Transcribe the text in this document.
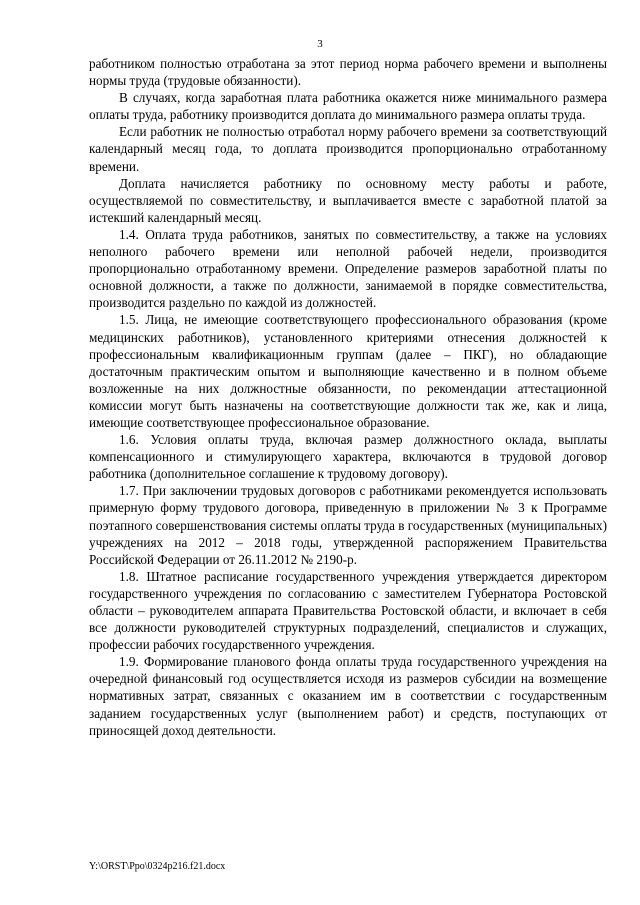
3

работником полностью отработана за этот период норма рабочего времени и выполнены нормы труда (трудовые обязанности).

В случаях, когда заработная плата работника окажется ниже минимального размера оплаты труда, работнику производится доплата до минимального размера оплаты труда.

Если работник не полностью отработал норму рабочего времени за соответствующий календарный месяц года, то доплата производится пропорционально отработанному времени.

Доплата начисляется работнику по основному месту работы и работе, осуществляемой по совместительству, и выплачивается вместе с заработной платой за истекший календарный месяц.

1.4. Оплата труда работников, занятых по совместительству, а также на условиях неполного рабочего времени или неполной рабочей недели, производится пропорционально отработанному времени. Определение размеров заработной платы по основной должности, а также по должности, занимаемой в порядке совместительства, производится раздельно по каждой из должностей.

1.5. Лица, не имеющие соответствующего профессионального образования (кроме медицинских работников), установленного критериями отнесения должностей к профессиональным квалификационным группам (далее – ПКГ), но обладающие достаточным практическим опытом и выполняющие качественно и в полном объеме возложенные на них должностные обязанности, по рекомендации аттестационной комиссии могут быть назначены на соответствующие должности так же, как и лица, имеющие соответствующее профессиональное образование.

1.6. Условия оплаты труда, включая размер должностного оклада, выплаты компенсационного и стимулирующего характера, включаются в трудовой договор работника (дополнительное соглашение к трудовому договору).

1.7. При заключении трудовых договоров с работниками рекомендуется использовать примерную форму трудового договора, приведенную в приложении № 3 к Программе поэтапного совершенствования системы оплаты труда в государственных (муниципальных) учреждениях на 2012 – 2018 годы, утвержденной распоряжением Правительства Российской Федерации от 26.11.2012 № 2190-р.

1.8. Штатное расписание государственного учреждения утверждается директором государственного учреждения по согласованию с заместителем Губернатора Ростовской области – руководителем аппарата Правительства Ростовской области, и включает в себя все должности руководителей структурных подразделений, специалистов и служащих, профессии рабочих государственного учреждения.

1.9. Формирование планового фонда оплаты труда государственного учреждения на очередной финансовый год осуществляется исходя из размеров субсидии на возмещение нормативных затрат, связанных с оказанием им в соответствии с государственным заданием государственных услуг (выполнением работ) и средств, поступающих от приносящей доход деятельности.

Y:\ORST\Ppo\0324p216.f21.docx
